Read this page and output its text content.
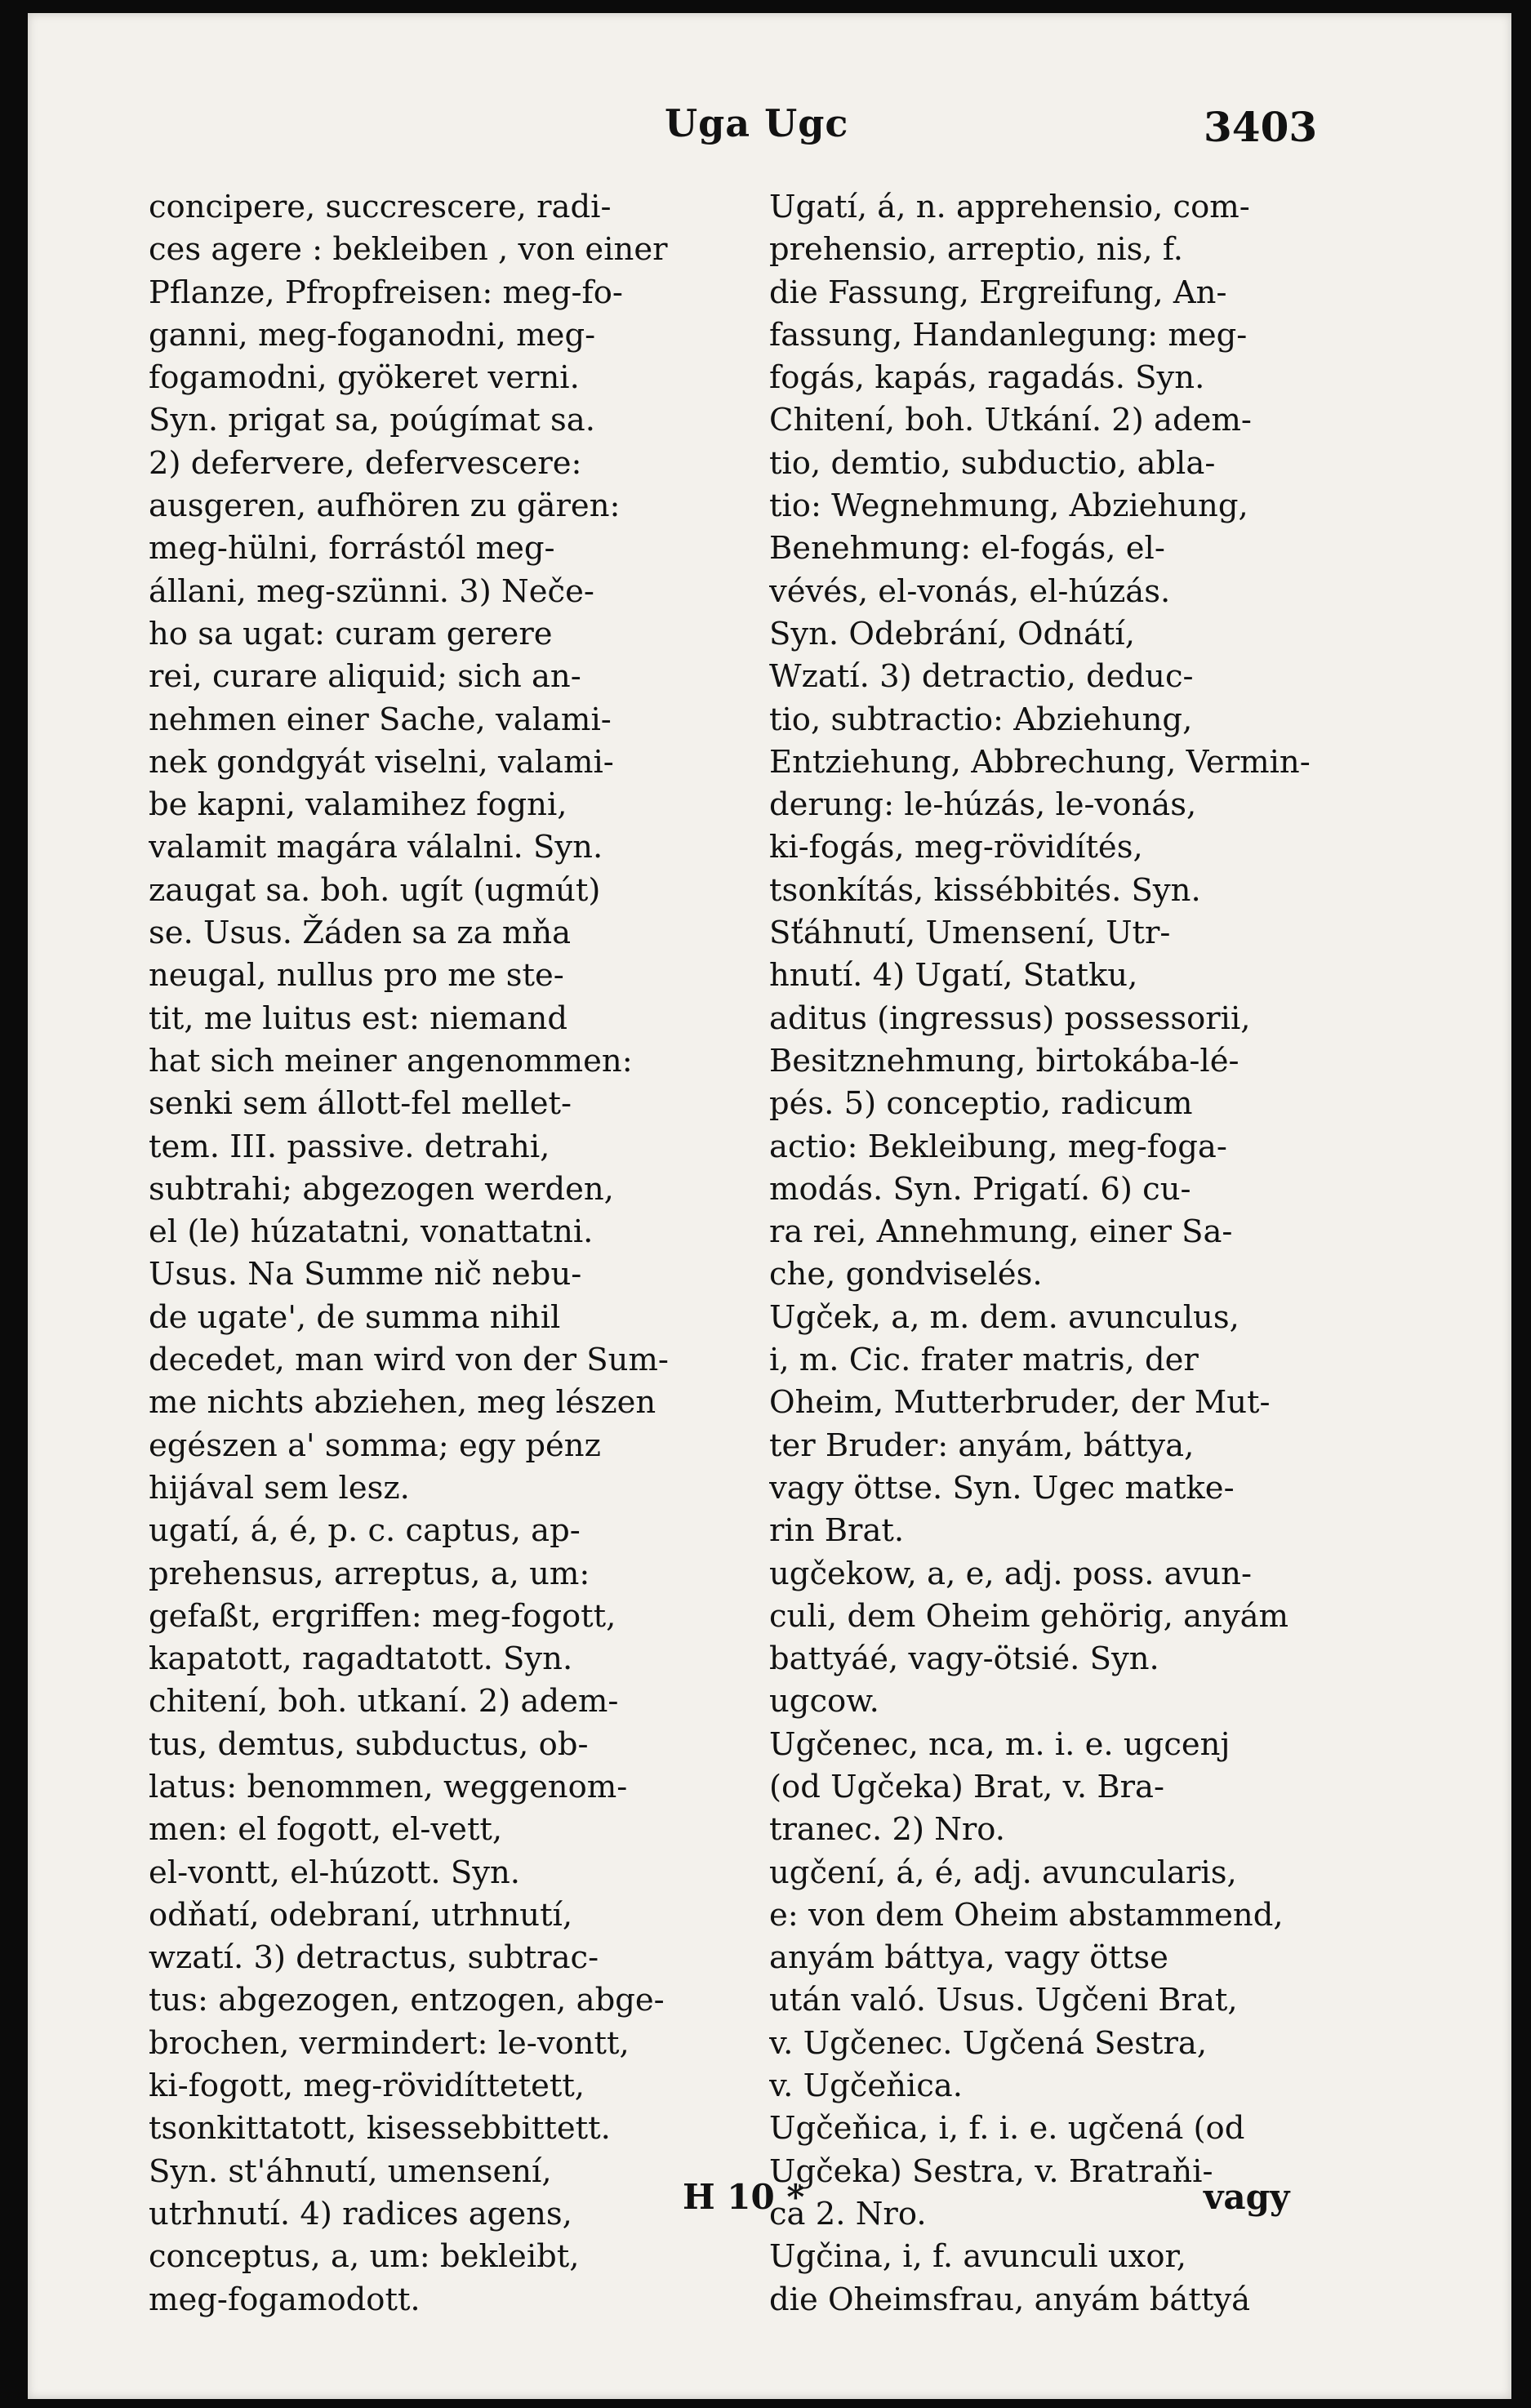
Uga Ugc	3403
concipere, succrescere, radi-
ces agere : bekleiben , von einer
Pflanze, Pfropfreisen: meg-fo-
ganni, meg-foganodni, meg-
fogamodni, gyökeret verni.
Syn. prigat sa, poúgímat sa.
2) defervere, defervescere:
ausgeren, aufhören zu gären:
meg-hülni, forrástól meg-
állani, meg-szünni. 3) Neče-
ho sa ugat: curam gerere
rei, curare aliquid; sich an-
nehmen einer Sache, valami-
nek gondgyát viselni, valami-
be kapni, valamihez fogni,
valamit magára válalni. Syn.
zaugat sa. boh. ugít (ugmút)
se. Usus. Žáden sa za mňa
neugal, nullus pro me ste-
tit, me luitus est: niemand
hat sich meiner angenommen:
senki sem állott-fel mellet-
tem. III. passive. detrahi,
subtrahi; abgezogen werden,
el (le) húzatatni, vonattatni.
Usus. Na Summe nič nebu-
de ugate', de summa nihil
decedet, man wird von der Sum-
me nichts abziehen, meg lészen
egészen a' somma; egy pénz
hijával sem lesz.
ugatí, á, é, p. c. captus, ap-
prehensus, arreptus, a, um:
gefaßt, ergriffen: meg-fogott,
kapatott, ragadtatott. Syn.
chitení, boh. utkaní. 2) adem-
tus, demtus, subductus, ob-
latus: benommen, weggenom-
men: el fogott, el-vett,
el-vontt, el-húzott. Syn.
odňatí, odebraní, utrhnutí,
wzatí. 3) detractus, subtrac-
tus: abgezogen, entzogen, abge-
brochen, vermindert: le-vontt,
ki-fogott, meg-rövidíttetett,
tsonkittatott, kisessebbittett.
Syn. st'áhnutí, umensení,
utrhnutí. 4) radices agens,
conceptus, a, um: bekleibt,
meg-fogamodott.
Ugatí, á, n. apprehensio, com-
prehensio, arreptio, nis, f.
die Fassung, Ergreifung, An-
fassung, Handanlegung: meg-
fogás, kapás, ragadás. Syn.
Chitení, boh. Utkání. 2) adem-
tio, demtio, subductio, abla-
tio: Wegnehmung, Abziehung,
Benehmung: el-fogás, el-
vévés, el-vonás, el-húzás.
Syn. Odebrání, Odnátí,
Wzatí. 3) detractio, deduc-
tio, subtractio: Abziehung,
Entziehung, Abbrechung, Vermin-
derung: le-húzás, le-vonás,
ki-fogás, meg-rövidítés,
tsonkítás, kissébbités. Syn.
Sťáhnutí, Umensení, Utr-
hnutí. 4) Ugatí, Statku,
aditus (ingressus) possessorii,
Besitznehmung, birtokába-lé-
pés. 5) conceptio, radicum
actio: Bekleibung, meg-foga-
modás. Syn. Prigatí. 6) cu-
ra rei, Annehmung, einer Sa-
che, gondviselés.
Ugček, a, m. dem. avunculus,
i, m. Cic. frater matris, der
Oheim, Mutterbruder, der Mut-
ter Bruder: anyám, báttya,
vagy öttse. Syn. Ugec matke-
rin Brat.
ugčekow, a, e, adj. poss. avun-
culi, dem Oheim gehörig, anyám
battyáé, vagy-ötsié. Syn.
ugcow.
Ugčenec, nca, m. i. e. ugcenj
(od Ugčeka) Brat, v. Bra-
tranec. 2) Nro.
ugčení, á, é, adj. avuncularis,
e: von dem Oheim abstammend,
anyám báttya, vagy öttse
után való. Usus. Ugčeni Brat,
v. Ugčenec. Ugčená Sestra,
v. Ugčeňica.
Ugčeňica, i, f. i. e. ugčená (od
Ugčeka) Sestra, v. Bratraňi-
ca 2. Nro.
Ugčina, i, f. avunculi uxor,
die Oheimsfrau, anyám báttyá
H 10 *	vagy
